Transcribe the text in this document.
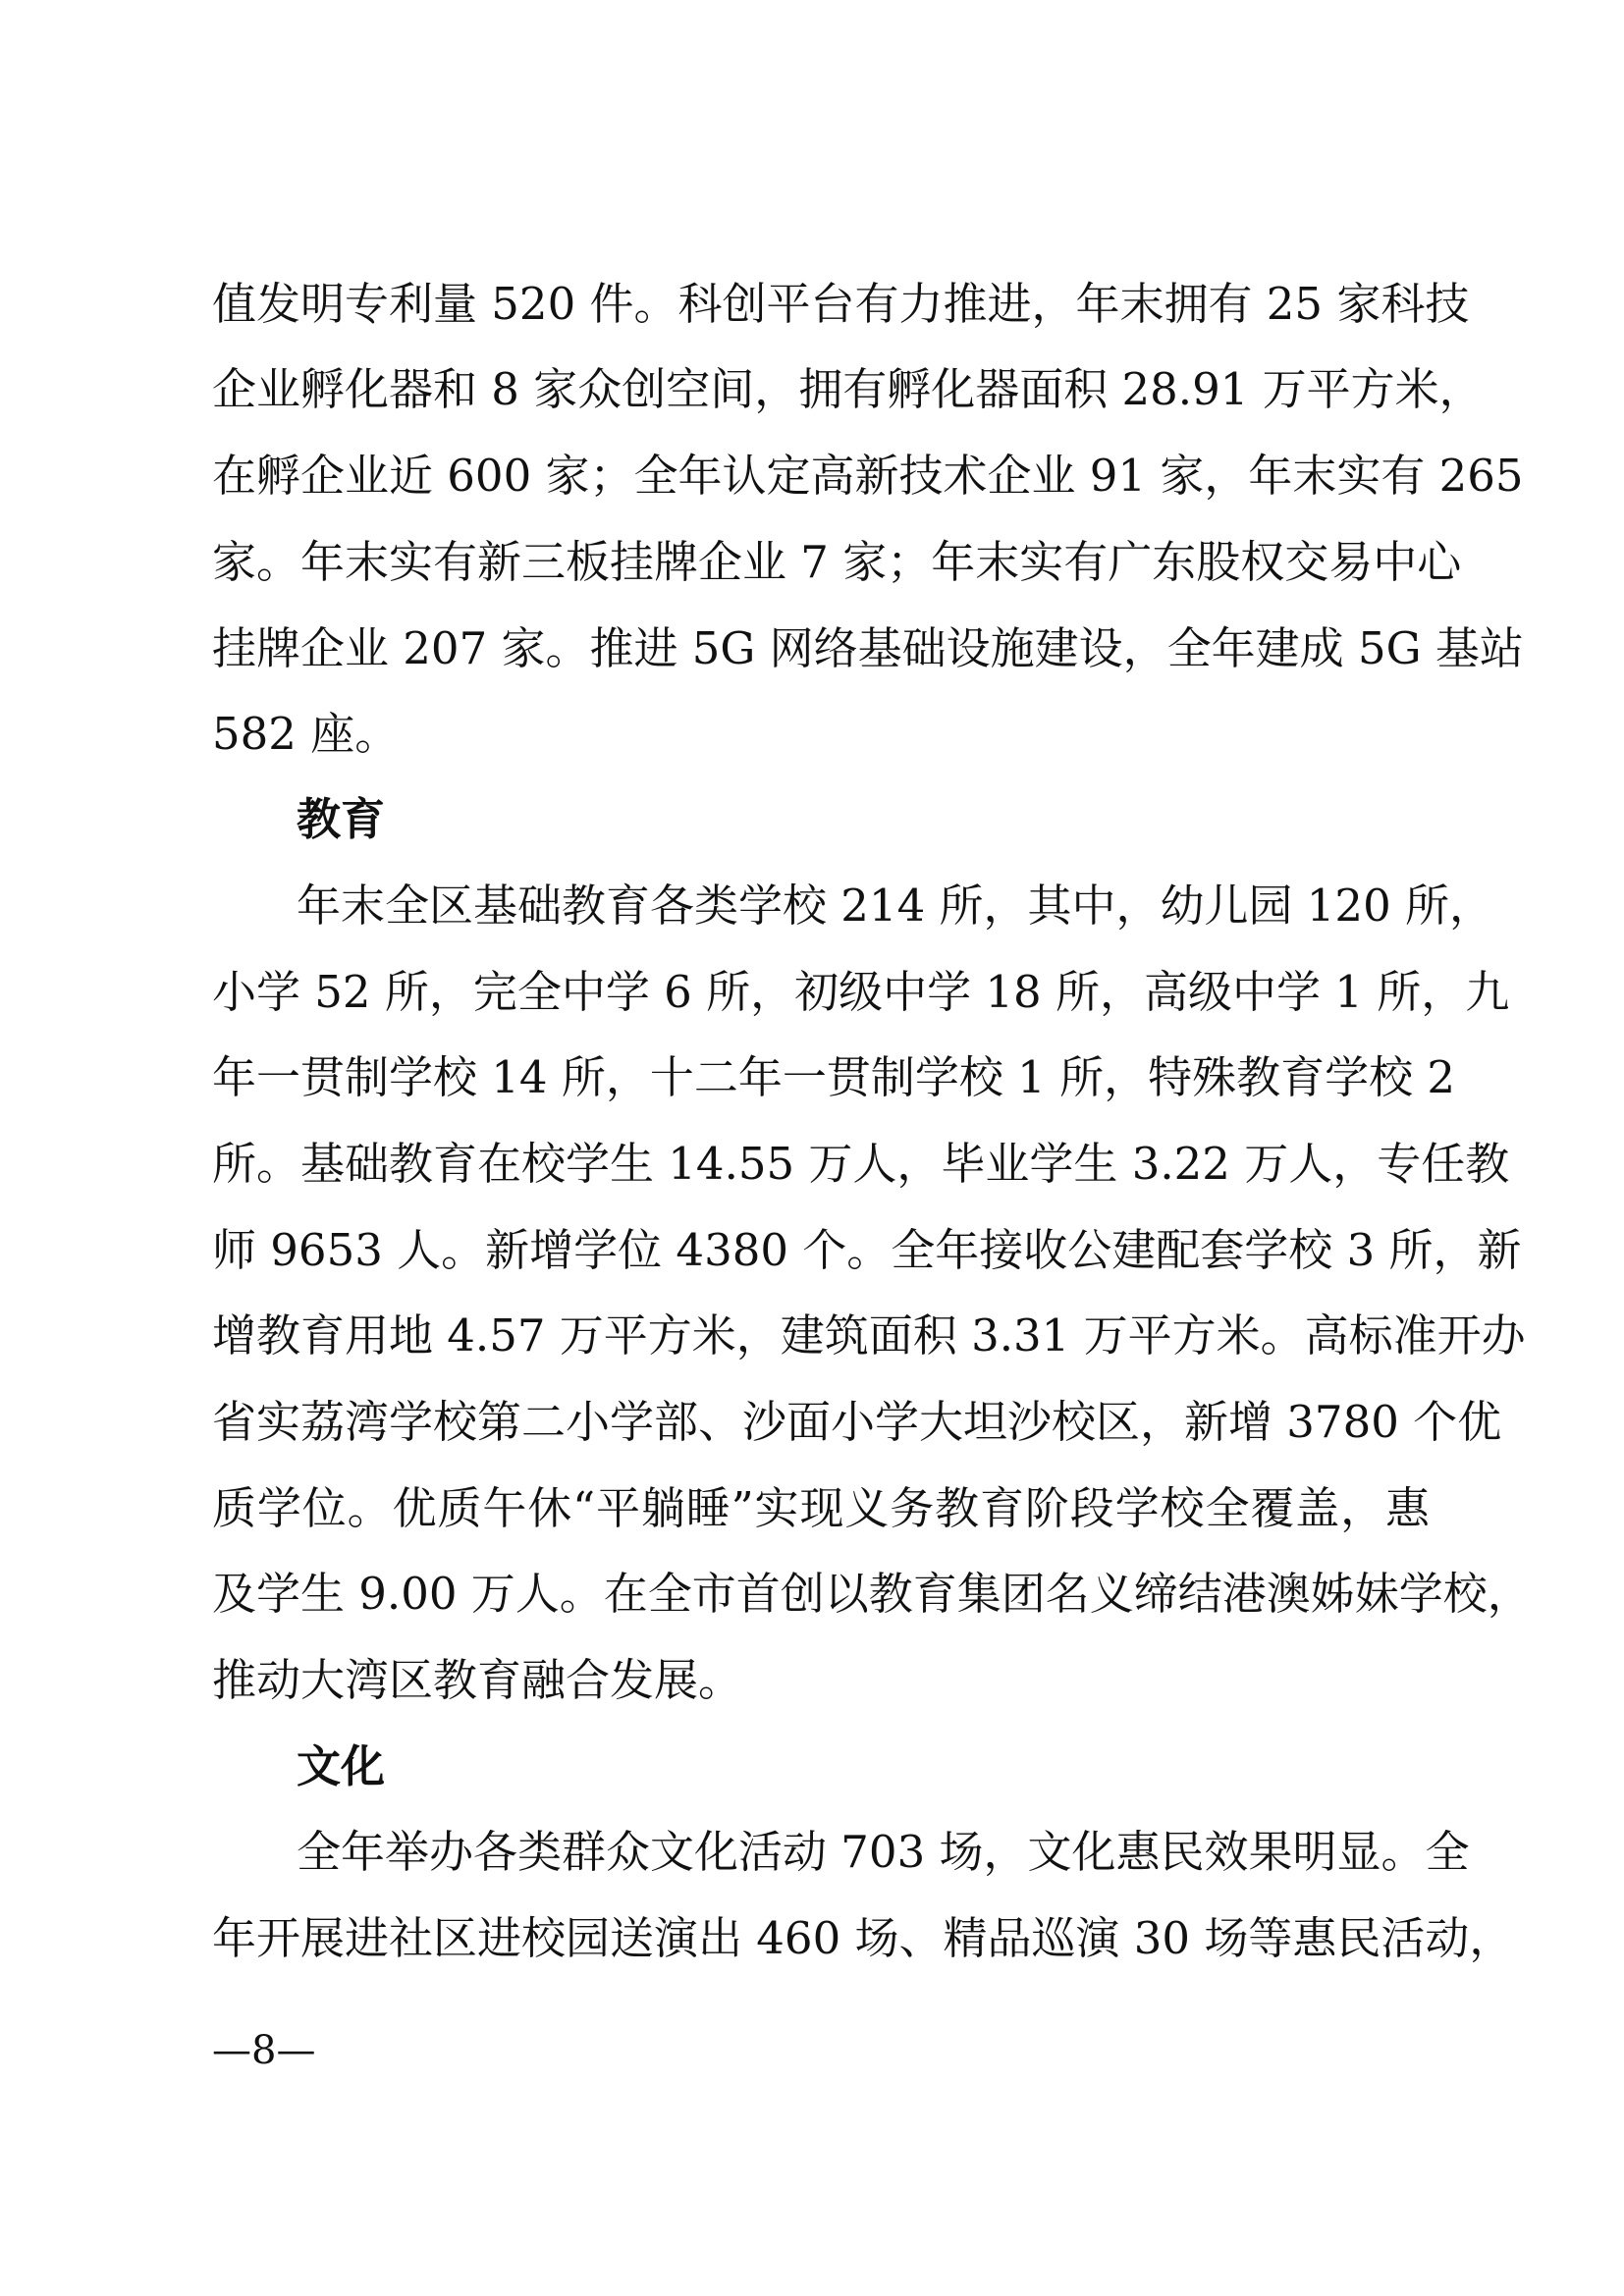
值发明专利量 520 件。科创平台有力推进，年末拥有 25 家科技
企业孵化器和 8 家众创空间，拥有孵化器面积 28.91 万平方米，
在孵企业近 600 家；全年认定高新技术企业 91 家，年末实有 265
家。年末实有新三板挂牌企业 7 家；年末实有广东股权交易中心
挂牌企业 207 家。推进 5G 网络基础设施建设，全年建成 5G 基站
582 座。
教育
年末全区基础教育各类学校 214 所，其中，幼儿园 120 所，
小学 52 所，完全中学 6 所，初级中学 18 所，高级中学 1 所，九
年一贯制学校 14 所，十二年一贯制学校 1 所，特殊教育学校 2
所。基础教育在校学生 14.55 万人，毕业学生 3.22 万人，专任教
师 9653 人。新增学位 4380 个。全年接收公建配套学校 3 所，新
增教育用地 4.57 万平方米，建筑面积 3.31 万平方米。高标准开办
省实荔湾学校第二小学部、沙面小学大坦沙校区，新增 3780 个优
质学位。优质午休“平躺睡”实现义务教育阶段学校全覆盖，惠
及学生 9.00 万人。在全市首创以教育集团名义缔结港澳姊妹学校，
推动大湾区教育融合发展。
文化
全年举办各类群众文化活动 703 场，文化惠民效果明显。全
年开展进社区进校园送演出 460 场、精品巡演 30 场等惠民活动，
—8—
